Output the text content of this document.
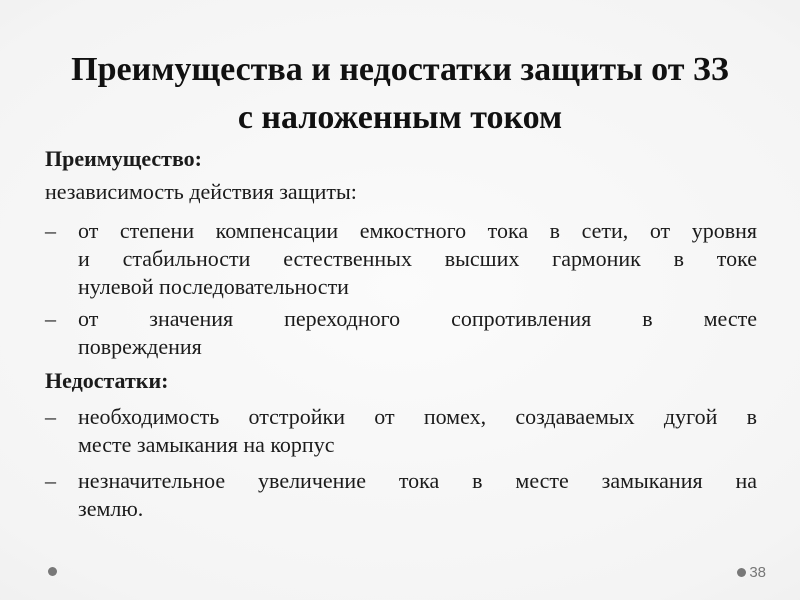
Преимущества и недостатки защиты от ЗЗ
с наложенным током

Преимущество:

независимость действия защиты:

–	от степени компенсации емкостного тока в сети, от уровня
и стабильности естественных высших гармоник в токе
нулевой последовательности
–	от значения переходного сопротивления в месте
повреждения

Недостатки:

–	необходимость отстройки от помех, создаваемых дугой в
месте замыкания на корпус
–	незначительное увеличение тока в месте замыкания на
землю.
38
